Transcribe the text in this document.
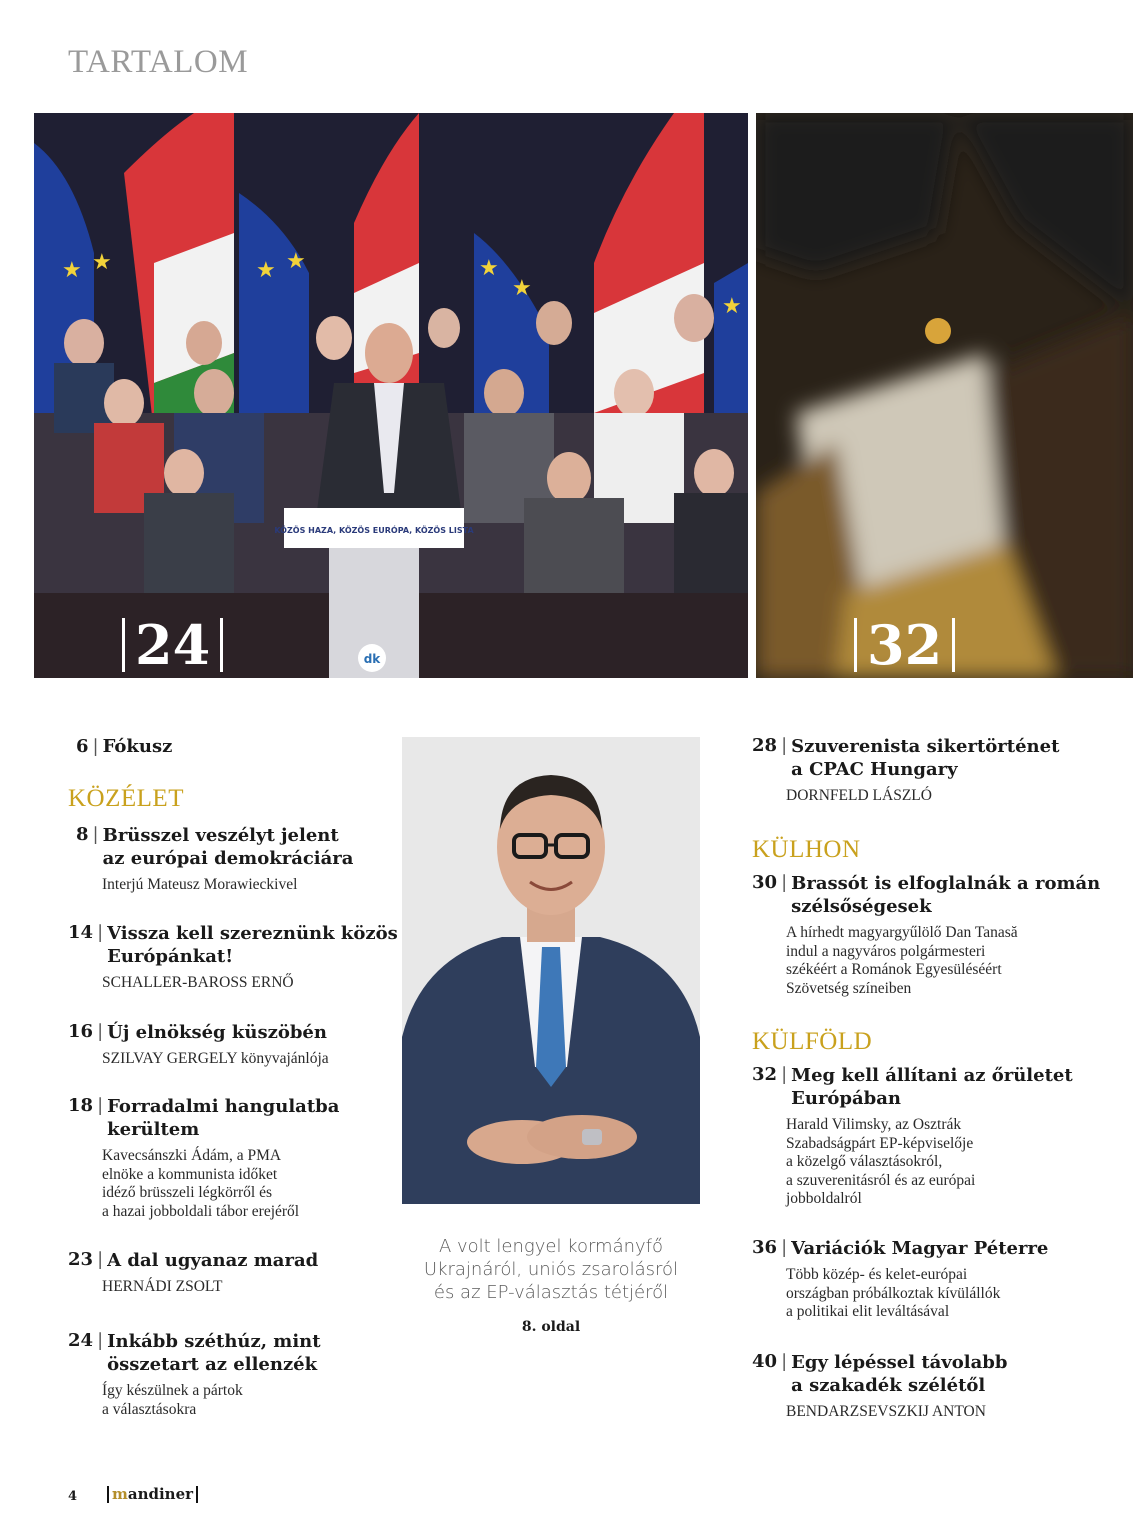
TARTALOM
★ ★	★ ★	★
★
★
KÖZÖS HAZA, KÖZÖS EURÓPA, KÖZÖS LISTA
dk
24	32
6 | Fókusz
KÖZÉLET
8 | Brüsszel veszélyt jelent
az európai demokráciára
Interjú Mateusz Morawieckivel
14 | Vissza kell szereznünk közös
Európánkat!
SCHALLER-BAROSS ERNŐ
16 | Új elnökség küszöbén
SZILVAY GERGELY könyvajánlója
18 | Forradalmi hangulatba
kerültem
Kavecsánszki Ádám, a PMA
elnöke a kommunista időket
idéző brüsszeli légkörről és
a hazai jobboldali tábor erejéről
23 | A dal ugyanaz marad
HERNÁDI ZSOLT
24 | Inkább széthúz, mint
összetart az ellenzék
Így készülnek a pártok
a választásokra
A volt lengyel kormányfő
Ukrajnáról, uniós zsarolásról
és az EP-választás tétjéről
8. oldal
28 | Szuverenista sikertörténet
a CPAC Hungary
DORNFELD LÁSZLÓ
KÜLHON
30 | Brassót is elfoglalnák a román
szélsőségesek
A hírhedt magyargyűlölő Dan Tanasă
indul a nagyváros polgármesteri
székéért a Románok Egyesüléséért
Szövetség színeiben
KÜLFÖLD
32 | Meg kell állítani az őrületet
Európában
Harald Vilimsky, az Osztrák
Szabadságpárt EP-képviselője
a közelgő választásokról,
a szuverenitásról és az európai
jobboldalról
36 | Variációk Magyar Péterre
Több közép- és kelet-európai
országban próbálkoztak kívülállók
a politikai elit leváltásával
40 | Egy lépéssel távolabb
a szakadék szélétől
BENDARZSEVSZKIJ ANTON
4	mandiner
